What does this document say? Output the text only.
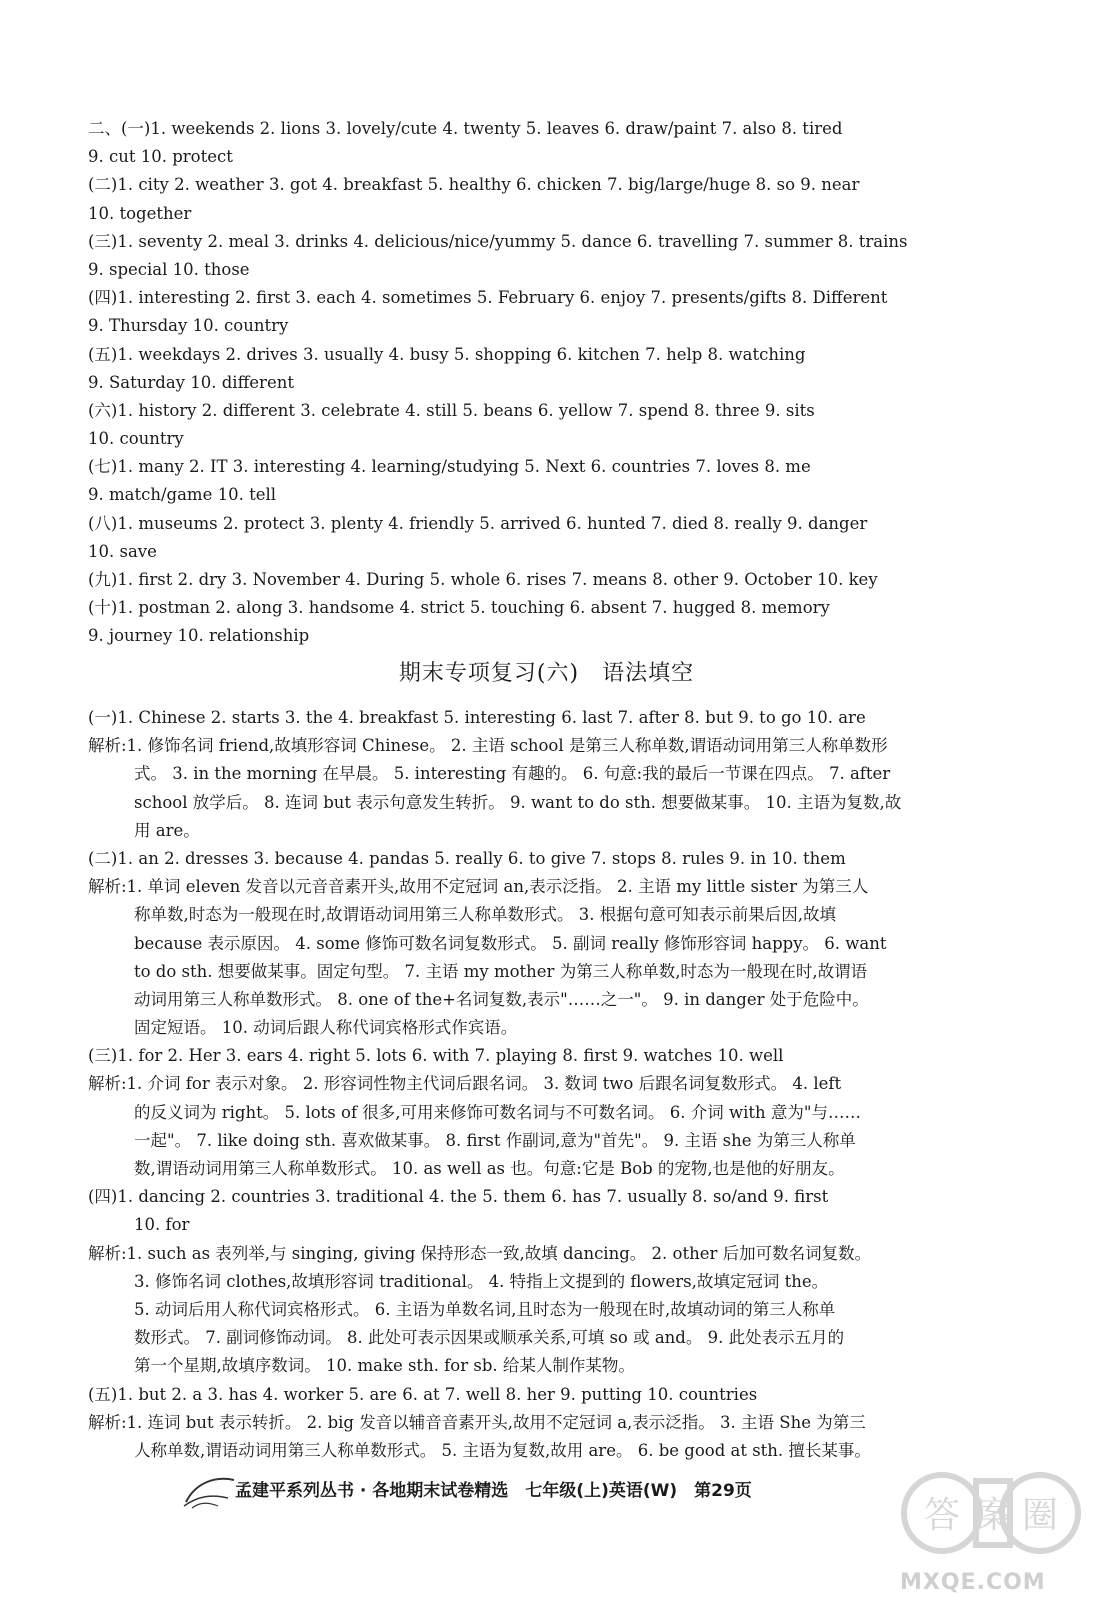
二、(一)1. weekends 2. lions 3. lovely/cute 4. twenty 5. leaves 6. draw/paint 7. also 8. tired
9. cut 10. protect
(二)1. city 2. weather 3. got 4. breakfast 5. healthy 6. chicken 7. big/large/huge 8. so 9. near
10. together
(三)1. seventy 2. meal 3. drinks 4. delicious/nice/yummy 5. dance 6. travelling 7. summer 8. trains
9. special 10. those
(四)1. interesting 2. first 3. each 4. sometimes 5. February 6. enjoy 7. presents/gifts 8. Different
9. Thursday 10. country
(五)1. weekdays 2. drives 3. usually 4. busy 5. shopping 6. kitchen 7. help 8. watching
9. Saturday 10. different
(六)1. history 2. different 3. celebrate 4. still 5. beans 6. yellow 7. spend 8. three 9. sits
10. country
(七)1. many 2. IT 3. interesting 4. learning/studying 5. Next 6. countries 7. loves 8. me
9. match/game 10. tell
(八)1. museums 2. protect 3. plenty 4. friendly 5. arrived 6. hunted 7. died 8. really 9. danger
10. save
(九)1. first 2. dry 3. November 4. During 5. whole 6. rises 7. means 8. other 9. October 10. key
(十)1. postman 2. along 3. handsome 4. strict 5. touching 6. absent 7. hugged 8. memory
9. journey 10. relationship
期末专项复习(六)　语法填空
(一)1. Chinese 2. starts 3. the 4. breakfast 5. interesting 6. last 7. after 8. but 9. to go 10. are
解析:1. 修饰名词 friend,故填形容词 Chinese。 2. 主语 school 是第三人称单数,谓语动词用第三人称单数形
式。 3. in the morning 在早晨。 5. interesting 有趣的。 6. 句意:我的最后一节课在四点。 7. after
school 放学后。 8. 连词 but 表示句意发生转折。 9. want to do sth. 想要做某事。 10. 主语为复数,故
用 are。
(二)1. an 2. dresses 3. because 4. pandas 5. really 6. to give 7. stops 8. rules 9. in 10. them
解析:1. 单词 eleven 发音以元音音素开头,故用不定冠词 an,表示泛指。 2. 主语 my little sister 为第三人
称单数,时态为一般现在时,故谓语动词用第三人称单数形式。 3. 根据句意可知表示前果后因,故填
because 表示原因。 4. some 修饰可数名词复数形式。 5. 副词 really 修饰形容词 happy。 6. want
to do sth. 想要做某事。固定句型。 7. 主语 my mother 为第三人称单数,时态为一般现在时,故谓语
动词用第三人称单数形式。 8. one of the+名词复数,表示"……之一"。 9. in danger 处于危险中。
固定短语。 10. 动词后跟人称代词宾格形式作宾语。
(三)1. for 2. Her 3. ears 4. right 5. lots 6. with 7. playing 8. first 9. watches 10. well
解析:1. 介词 for 表示对象。 2. 形容词性物主代词后跟名词。 3. 数词 two 后跟名词复数形式。 4. left
的反义词为 right。 5. lots of 很多,可用来修饰可数名词与不可数名词。 6. 介词 with 意为"与……
一起"。 7. like doing sth. 喜欢做某事。 8. first 作副词,意为"首先"。 9. 主语 she 为第三人称单
数,谓语动词用第三人称单数形式。 10. as well as 也。句意:它是 Bob 的宠物,也是他的好朋友。
(四)1. dancing 2. countries 3. traditional 4. the 5. them 6. has 7. usually 8. so/and 9. first
10. for
解析:1. such as 表列举,与 singing, giving 保持形态一致,故填 dancing。 2. other 后加可数名词复数。
3. 修饰名词 clothes,故填形容词 traditional。 4. 特指上文提到的 flowers,故填定冠词 the。
5. 动词后用人称代词宾格形式。 6. 主语为单数名词,且时态为一般现在时,故填动词的第三人称单
数形式。 7. 副词修饰动词。 8. 此处可表示因果或顺承关系,可填 so 或 and。 9. 此处表示五月的
第一个星期,故填序数词。 10. make sth. for sb. 给某人制作某物。
(五)1. but 2. a 3. has 4. worker 5. are 6. at 7. well 8. her 9. putting 10. countries
解析:1. 连词 but 表示转折。 2. big 发音以辅音音素开头,故用不定冠词 a,表示泛指。 3. 主语 She 为第三
人称单数,谓语动词用第三人称单数形式。 5. 主语为复数,故用 are。 6. be good at sth. 擅长某事。
孟建平系列丛书 · 各地期末试卷精选　七年级(上)英语(W)　第29页
答 案 圈
MXQE.COM
